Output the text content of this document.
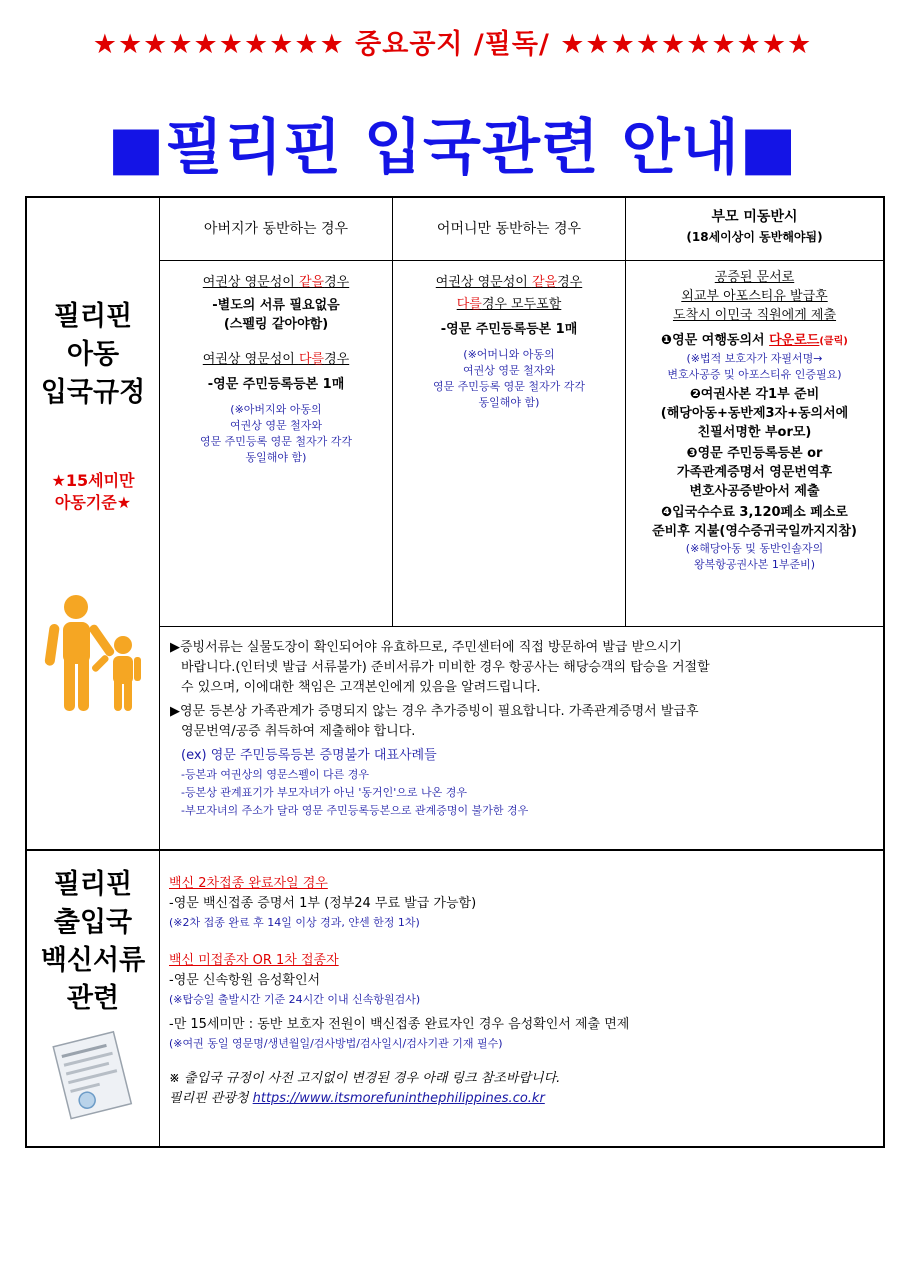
★★★★★★★★★★ 중요공지 /필독/ ★★★★★★★★★★
■필리핀 입국관련 안내■
필리핀
아동
입국규정
★15세미만
아동기준★
아버지가 동반하는 경우	어머니만 동반하는 경우
부모 미동반시
(18세이상이 동반해야됨)
여권상 영문성이 같을경우
-별도의 서류 필요없음
(스펠링 같아야함)
여권상 영문성이 다를경우
-영문 주민등록등본 1매
(※아버지와 아동의
여권상 영문 철자와
영문 주민등록 영문 철자가 각각
동일해야 함)
여권상 영문성이 같을경우
다를경우 모두포함
-영문 주민등록등본 1매
(※어머니와 아동의
여권상 영문 철자와
영문 주민등록 영문 철자가 각각
동일해야 함)
공증된 문서로
외교부 아포스티유 발급후
도착시 이민국 직원에게 제출
❶영문 여행동의서 다운로드(클릭)
(※법적 보호자가 자필서명→
변호사공증 및 아포스티유 인증필요)
❷여권사본 각1부 준비
(해당아동+동반제3자+동의서에
친필서명한 부or모)
❸영문 주민등록등본 or
가족관계증명서 영문번역후
변호사공증받아서 제출
❹입국수수료 3,120페소 페소로
준비후 지불(영수증귀국일까지지참)
(※해당아동 및 동반인솔자의
왕복항공권사본 1부준비)
▶증빙서류는 실물도장이 확인되어야 유효하므로, 주민센터에 직접 방문하여 발급 받으시기
바랍니다.(인터넷 발급 서류불가) 준비서류가 미비한 경우 항공사는 해당승객의 탑승을 거절할
수 있으며, 이에대한 책임은 고객본인에게 있음을 알려드립니다.
▶영문 등본상 가족관계가 증명되지 않는 경우 추가증빙이 필요합니다. 가족관계증명서 발급후
영문번역/공증 취득하여 제출해야 합니다.
(ex) 영문 주민등록등본 증명불가 대표사례들
-등본과 여권상의 영문스펠이 다른 경우
-등본상 관계표기가 부모자녀가 아닌 '동거인'으로 나온 경우
-부모자녀의 주소가 달라 영문 주민등록등본으로 관계증명이 불가한 경우
필리핀
출입국
백신서류
관련
백신 2차접종 완료자일 경우
-영문 백신접종 증명서 1부 (정부24 무료 발급 가능함)
(※2차 접종 완료 후 14일 이상 경과, 얀센 한정 1차)
백신 미접종자 OR 1차 접종자
-영문 신속항원 음성확인서
(※탑승일 출발시간 기준 24시간 이내 신속항원검사)
-만 15세미만 : 동반 보호자 전원이 백신접종 완료자인 경우 음성확인서 제출 면제
(※여권 동일 영문명/생년월일/검사방법/검사일시/검사기관 기재 필수)
※ 출입국 규정이 사전 고지없이 변경된 경우 아래 링크 참조바랍니다.
필리핀 관광청 https://www.itsmorefuninthephilippines.co.kr
